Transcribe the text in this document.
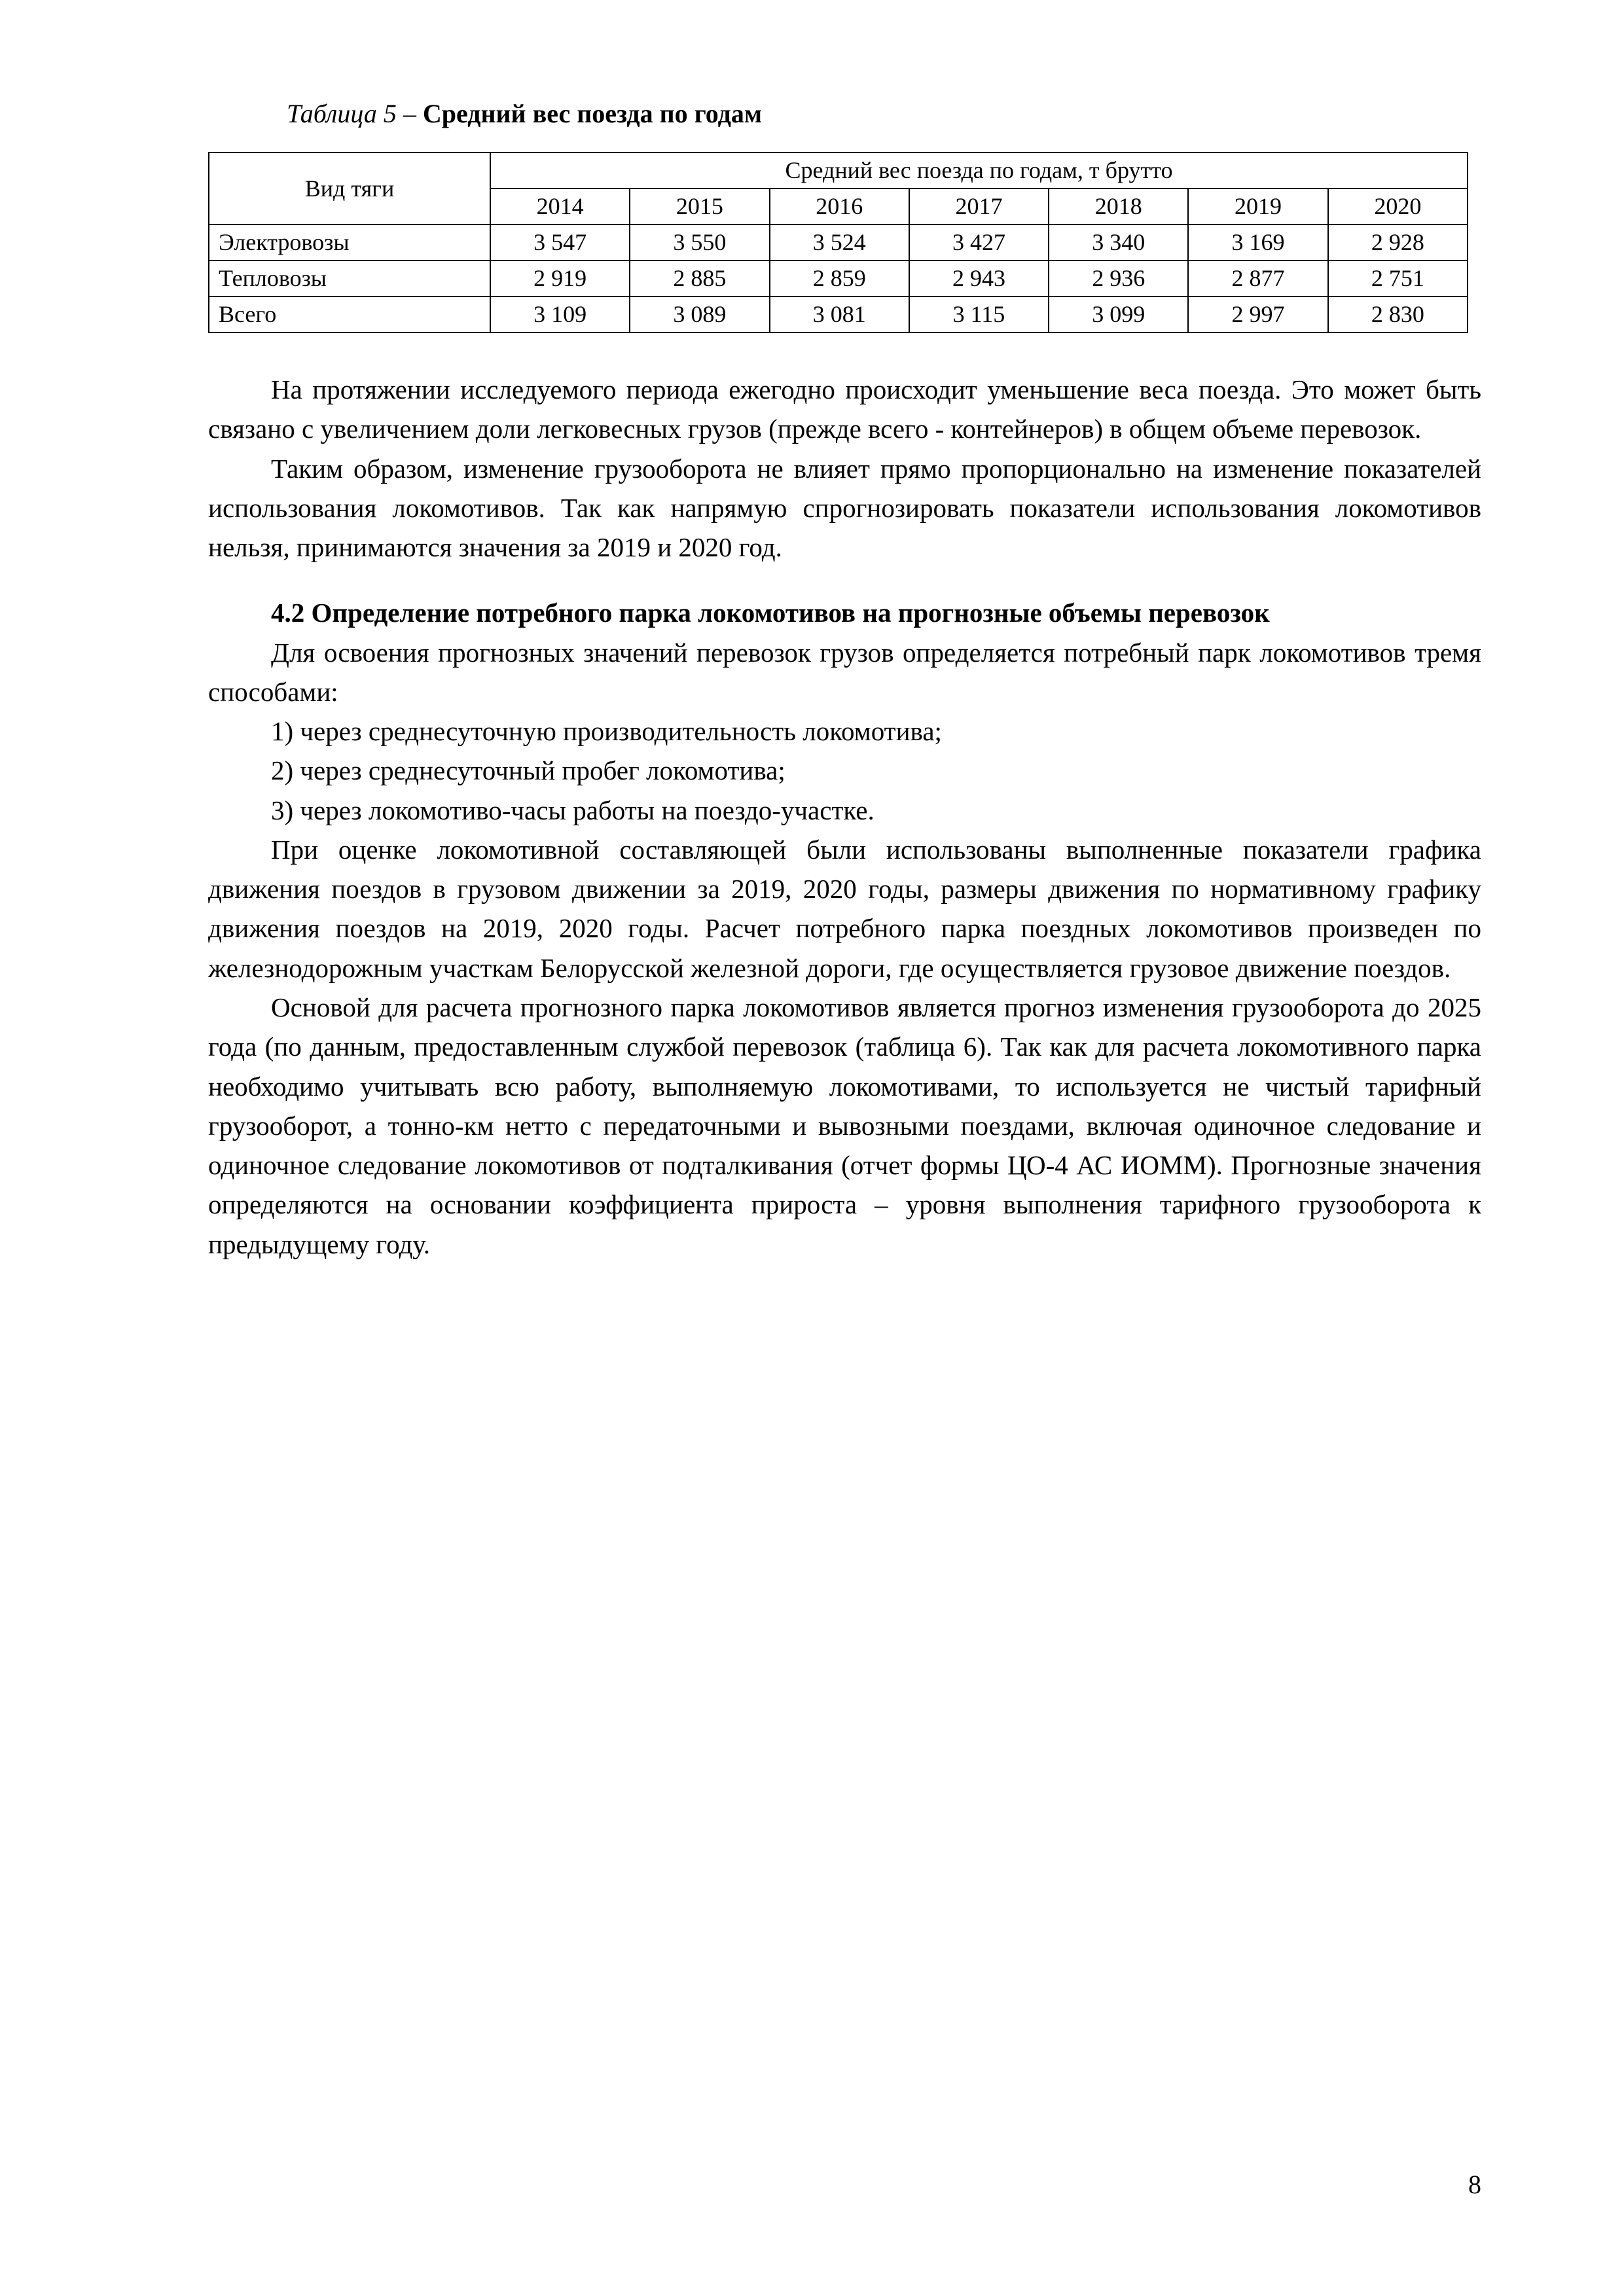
Таблица 5 – Средний вес поезда по годам
Вид тяги	Средний вес поезда по годам, т брутто						
	2014	2015	2016	2017	2018	2019	2020
Электровозы	3 547	3 550	3 524	3 427	3 340	3 169	2 928
Тепловозы	2 919	2 885	2 859	2 943	2 936	2 877	2 751
Всего	3 109	3 089	3 081	3 115	3 099	2 997	2 830

На протяжении исследуемого периода ежегодно происходит уменьшение веса поезда. Это может быть связано с увеличением доли легковесных грузов (прежде всего - контейнеров) в общем объеме перевозок.

Таким образом, изменение грузооборота не влияет прямо пропорционально на изменение показателей использования локомотивов. Так как напрямую спрогнозировать показатели использования локомотивов нельзя, принимаются значения за 2019 и 2020 год.

4.2 Определение потребного парка локомотивов на прогнозные объемы перевозок

Для освоения прогнозных значений перевозок грузов определяется потребный парк локомотивов тремя способами:

1) через среднесуточную производительность локомотива;

2) через среднесуточный пробег локомотива;

3) через локомотиво-часы работы на поездо-участке.

При оценке локомотивной составляющей были использованы выполненные показатели графика движения поездов в грузовом движении за 2019, 2020 годы, размеры движения по нормативному графику движения поездов на 2019, 2020 годы. Расчет потребного парка поездных локомотивов произведен по железнодорожным участкам Белорусской железной дороги, где осуществляется грузовое движение поездов.

Основой для расчета прогнозного парка локомотивов является прогноз изменения грузооборота до 2025 года (по данным, предоставленным службой перевозок (таблица 6). Так как для расчета локомотивного парка необходимо учитывать всю работу, выполняемую локомотивами, то используется не чистый тарифный грузооборот, а тонно-км нетто с передаточными и вывозными поездами, включая одиночное следование и одиночное следование локомотивов от подталкивания (отчет формы ЦО-4 АС ИОММ). Прогнозные значения определяются на основании коэффициента прироста – уровня выполнения тарифного грузооборота к предыдущему году.

8
